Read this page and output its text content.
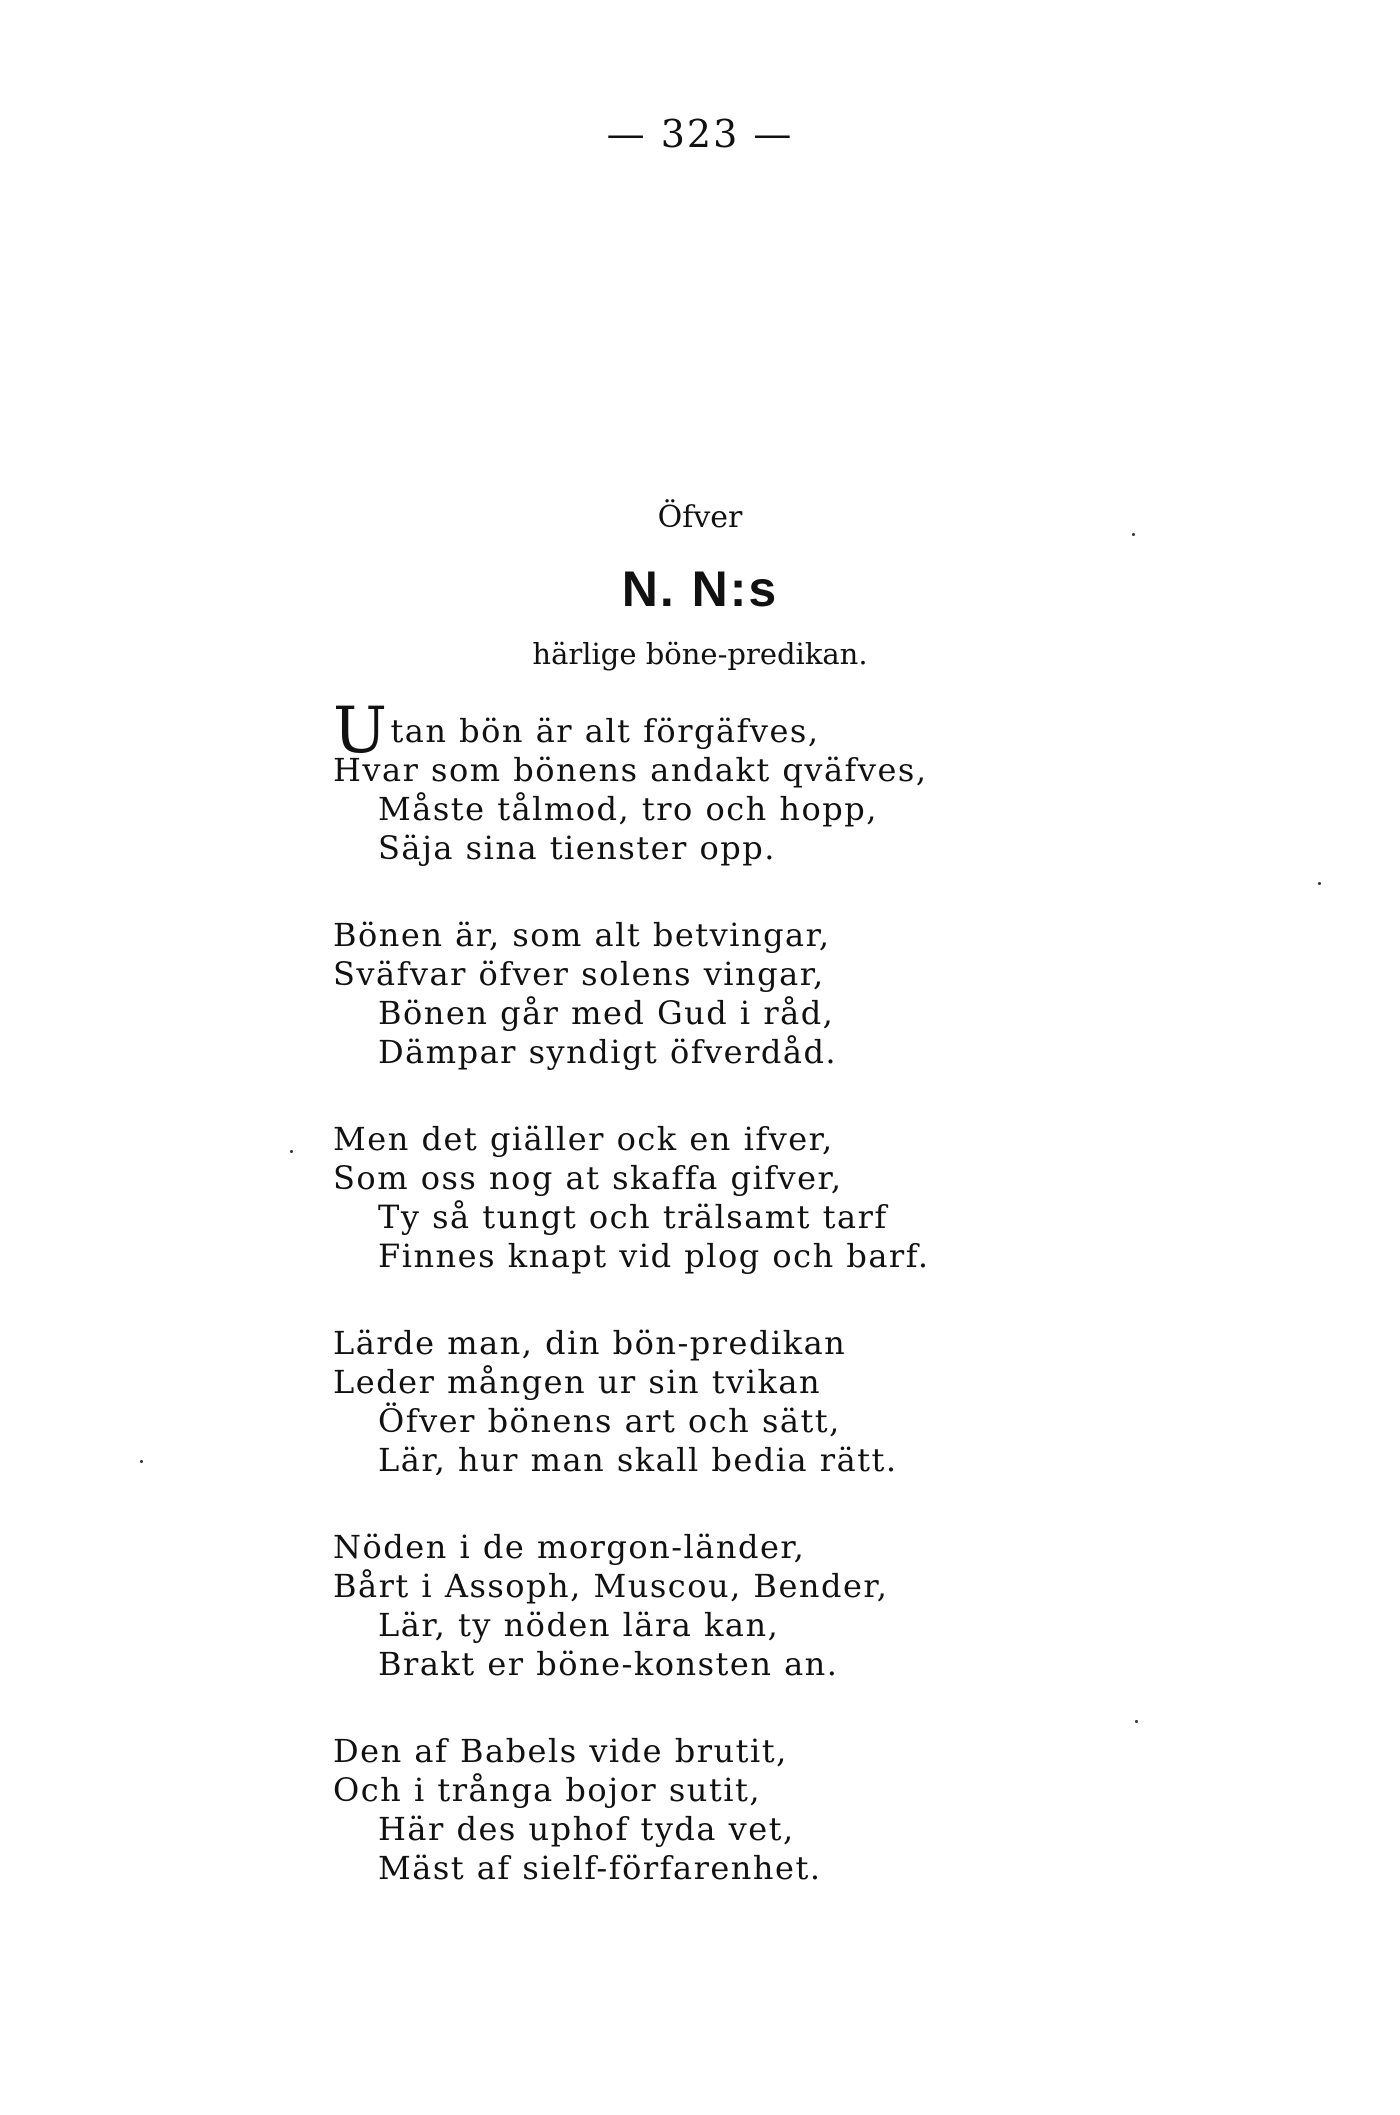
— 323 —
Öfver
N. N:s
härlige böne-predikan.
Utan bön är alt förgäfves,
Hvar som bönens andakt qväfves,
Måste tålmod, tro och hopp,
Säja sina tienster opp.
Bönen är, som alt betvingar,
Sväfvar öfver solens vingar,
Bönen går med Gud i råd,
Dämpar syndigt öfverdåd.
Men det giäller ock en ifver,
Som oss nog at skaffa gifver,
Ty så tungt och trälsamt tarf
Finnes knapt vid plog och barf.
Lärde man, din bön-predikan
Leder mången ur sin tvikan
Öfver bönens art och sätt,
Lär, hur man skall bedia rätt.
Nöden i de morgon-länder,
Bårt i Assoph, Muscou, Bender,
Lär, ty nöden lära kan,
Brakt er böne-konsten an.
Den af Babels vide brutit,
Och i trånga bojor sutit,
Här des uphof tyda vet,
Mäst af sielf-förfarenhet.
